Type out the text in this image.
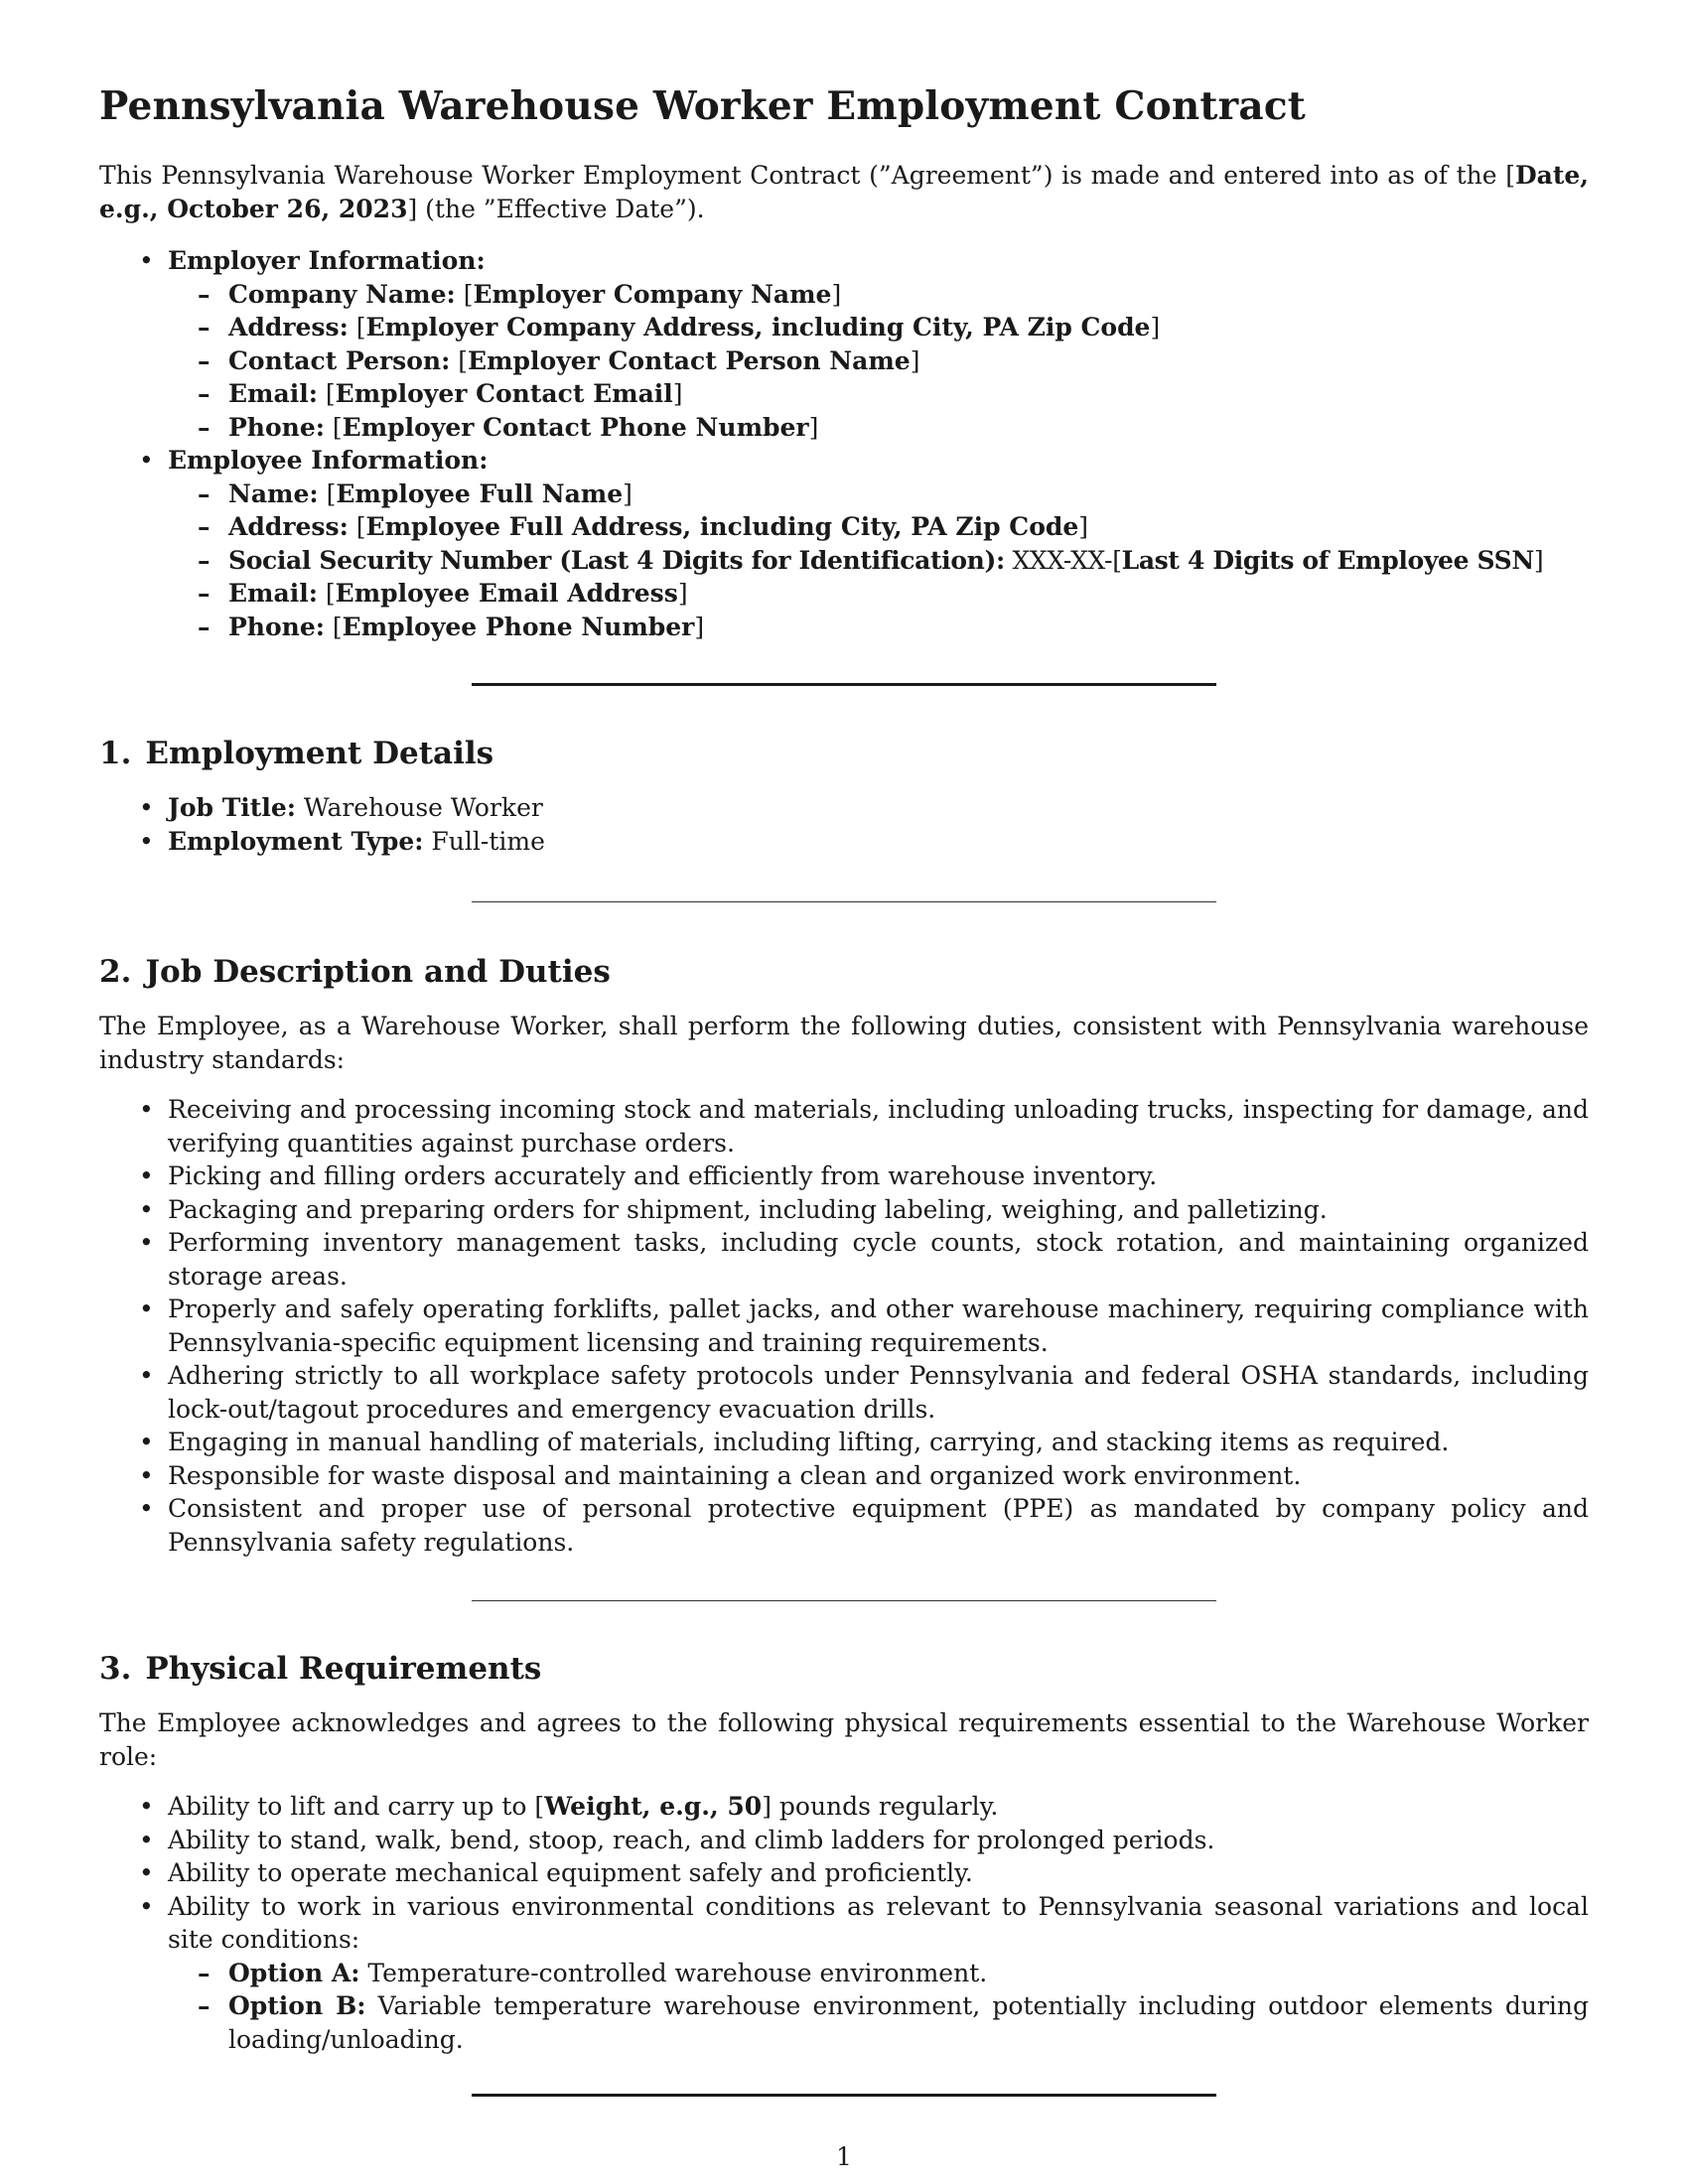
Pennsylvania Warehouse Worker Employment Contract

This Pennsylvania Warehouse Worker Employment Contract (”Agreement”) is made and entered into as of the [Date, e.g., October 26, 2023] (the ”Effective Date”).

• Employer Information:
– Company Name: [Employer Company Name]
– Address: [Employer Company Address, including City, PA Zip Code]
– Contact Person: [Employer Contact Person Name]
– Email: [Employer Contact Email]
– Phone: [Employer Contact Phone Number]
• Employee Information:
– Name: [Employee Full Name]
– Address: [Employee Full Address, including City, PA Zip Code]
– Social Security Number (Last 4 Digits for Identification): XXX-XX-[Last 4 Digits of Employee SSN]
– Email: [Employee Email Address]
– Phone: [Employee Phone Number]
1. Employment Details
• Job Title: Warehouse Worker
• Employment Type: Full-time
2. Job Description and Duties

The Employee, as a Warehouse Worker, shall perform the following duties, consistent with Pennsylvania warehouse industry standards:

• Receiving and processing incoming stock and materials, including unloading trucks, inspecting for damage, and verifying quantities against purchase orders.
• Picking and filling orders accurately and efficiently from warehouse inventory.
• Packaging and preparing orders for shipment, including labeling, weighing, and palletizing.
• Performing inventory management tasks, including cycle counts, stock rotation, and maintaining organized storage areas.
• Properly and safely operating forklifts, pallet jacks, and other warehouse machinery, requiring compliance with Pennsylvania-specific equipment licensing and training requirements.
• Adhering strictly to all workplace safety protocols under Pennsylvania and federal OSHA standards, including lock-out/tagout procedures and emergency evacuation drills.
• Engaging in manual handling of materials, including lifting, carrying, and stacking items as required.
• Responsible for waste disposal and maintaining a clean and organized work environment.
• Consistent and proper use of personal protective equipment (PPE) as mandated by company policy and Pennsylvania safety regulations.
3. Physical Requirements

The Employee acknowledges and agrees to the following physical requirements essential to the Warehouse Worker role:

• Ability to lift and carry up to [Weight, e.g., 50] pounds regularly.
• Ability to stand, walk, bend, stoop, reach, and climb ladders for prolonged periods.
• Ability to operate mechanical equipment safely and proficiently.
• Ability to work in various environmental conditions as relevant to Pennsylvania seasonal variations and local site conditions:
– Option A: Temperature-controlled warehouse environment.
– Option B: Variable temperature warehouse environment, potentially including outdoor elements during loading/unloading.
1
